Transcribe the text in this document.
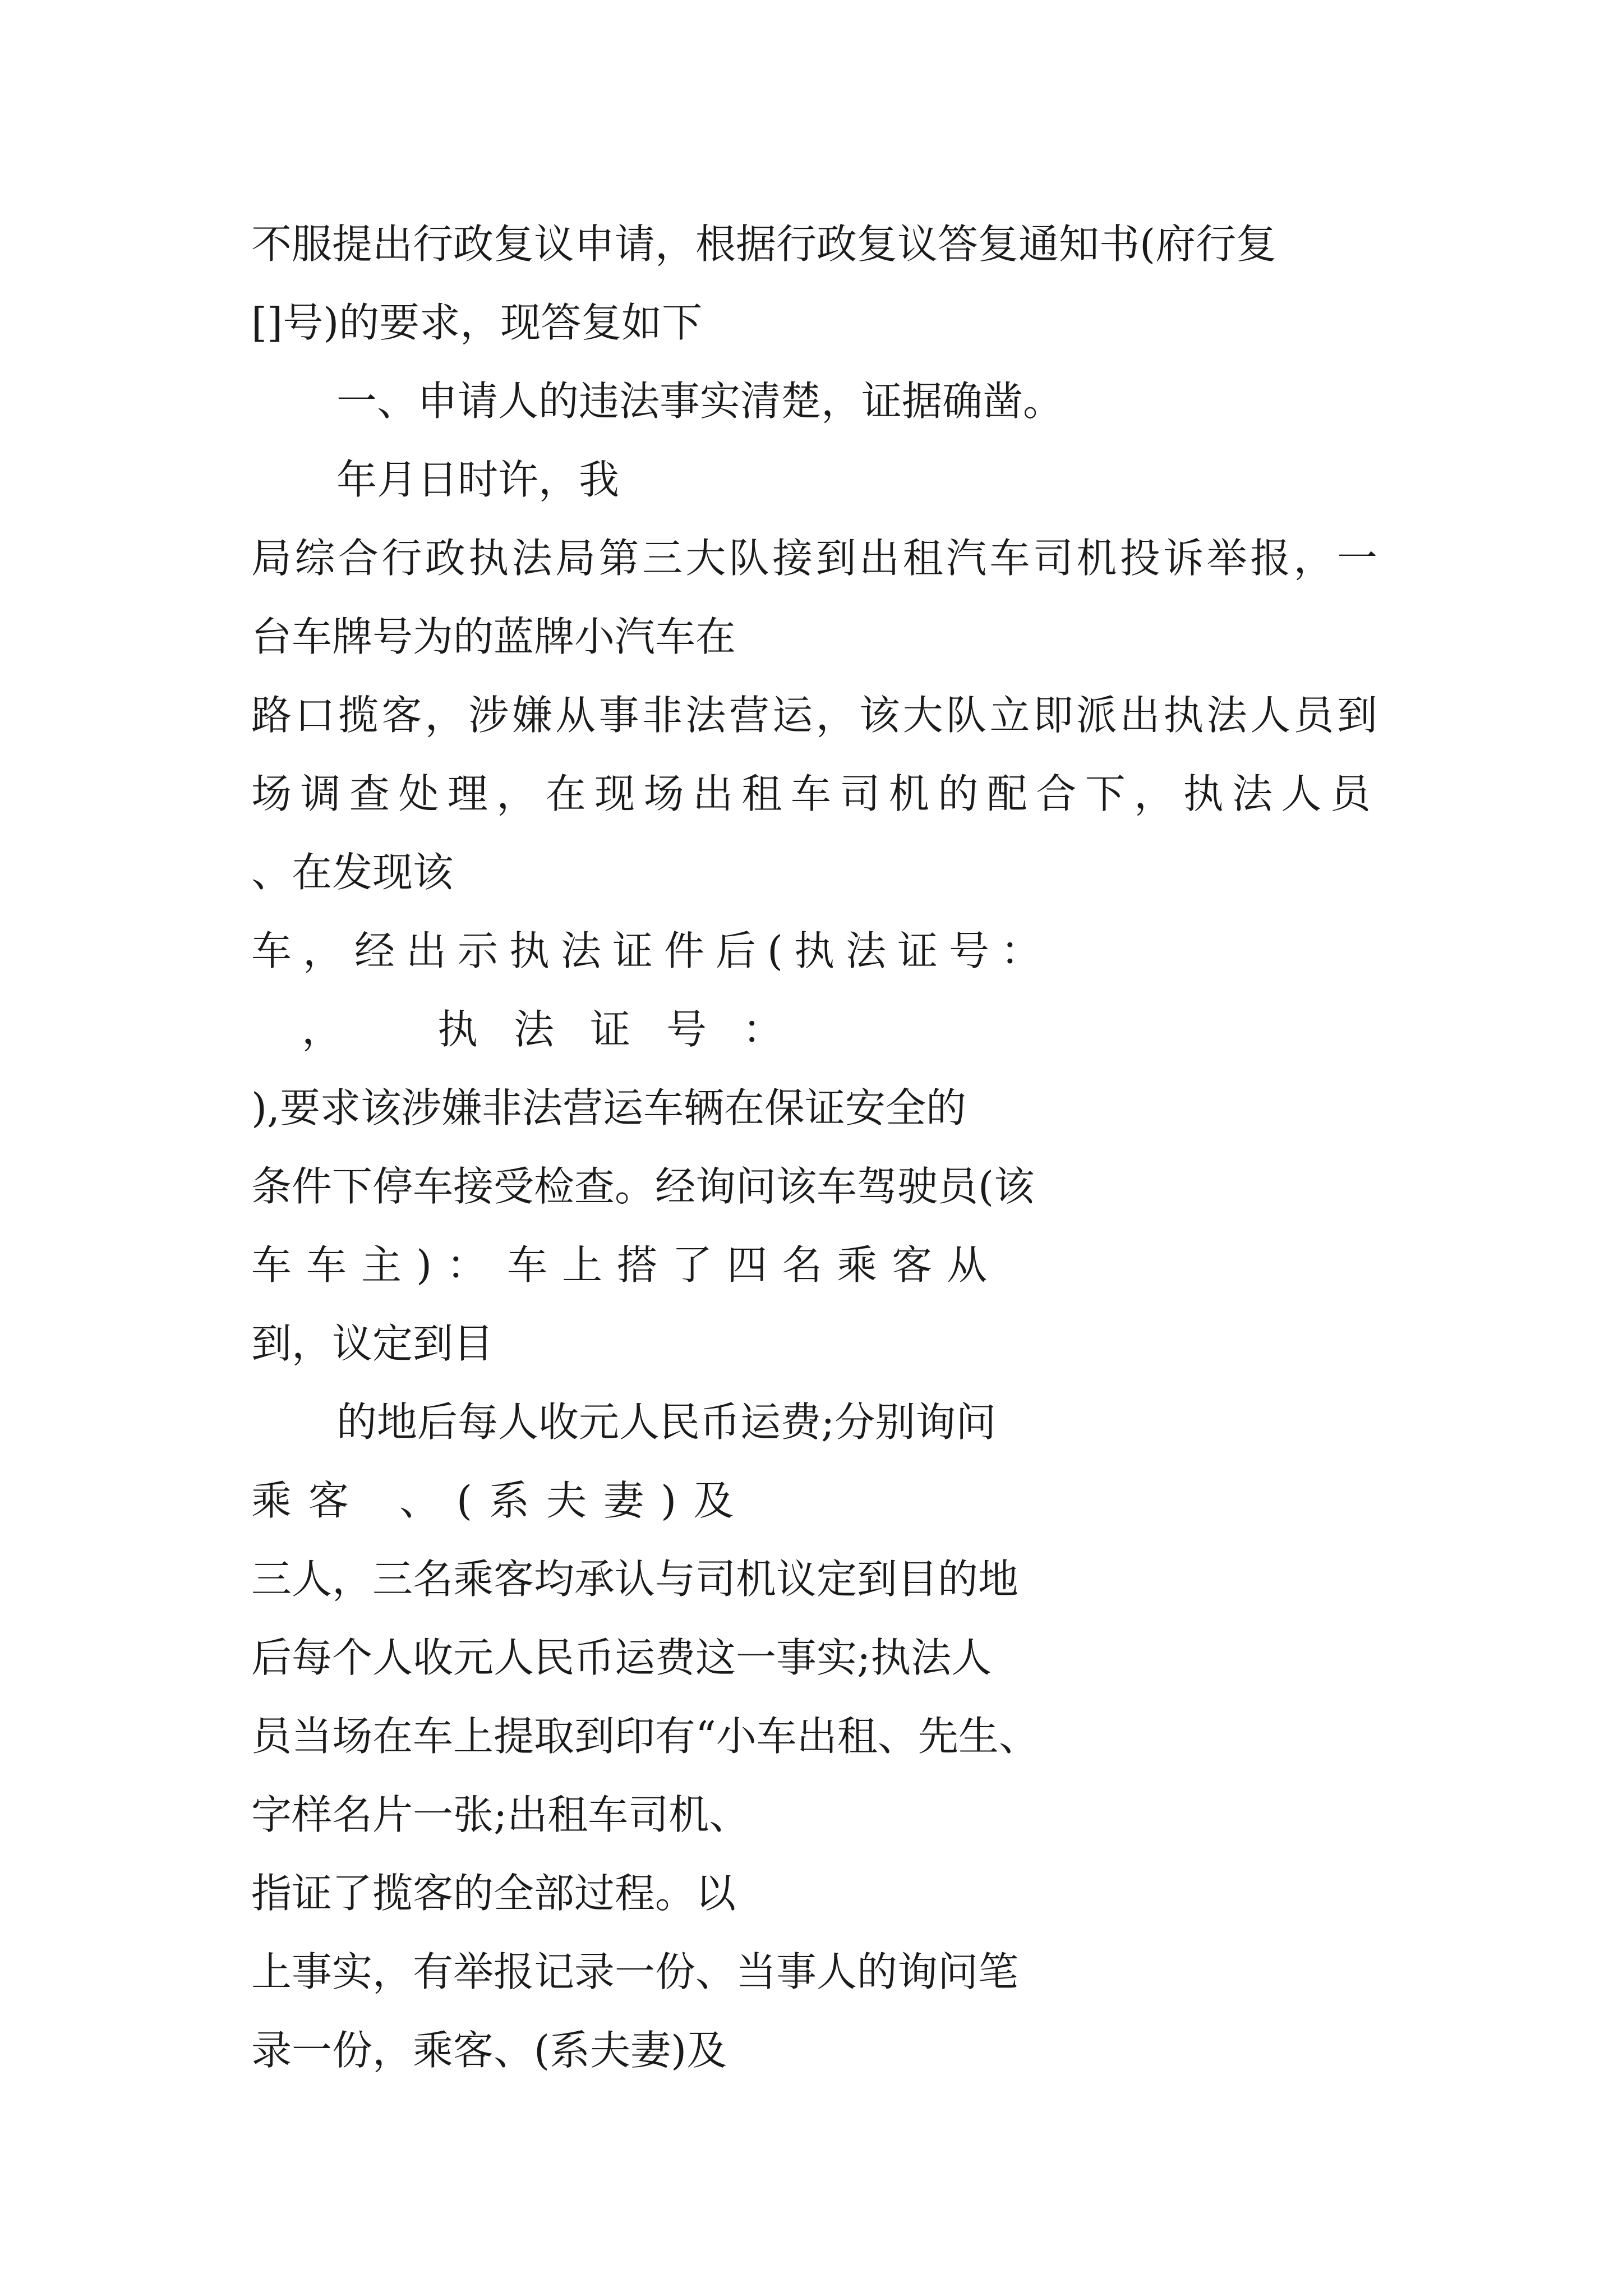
不服提出行政复议申请，根据行政复议答复通知书(府行复
[]号)的要求，现答复如下
一、申请人的违法事实清楚，证据确凿。
年月日时许，我
局综合行政执法局第三大队接到出租汽车司机投诉举报，一
台车牌号为的蓝牌小汽车在
路口揽客，涉嫌从事非法营运，该大队立即派出执法人员到
场调查处理，在现场出租车司机的配合下，执法人员
、在发现该
车，经出示执法证件后(执法证号：
， 执法证号：
),要求该涉嫌非法营运车辆在保证安全的
条件下停车接受检查。经询问该车驾驶员(该
车车主)： 车上搭了四名乘客从
到，议定到目
的地后每人收元人民币运费;分别询问
乘客 、 (系夫妻)及
三人，三名乘客均承认与司机议定到目的地
后每个人收元人民币运费这一事实;执法人
员当场在车上提取到印有“小车出租、先生、
字样名片一张;出租车司机、
指证了揽客的全部过程。以
上事实，有举报记录一份、当事人的询问笔
录一份，乘客、(系夫妻)及
